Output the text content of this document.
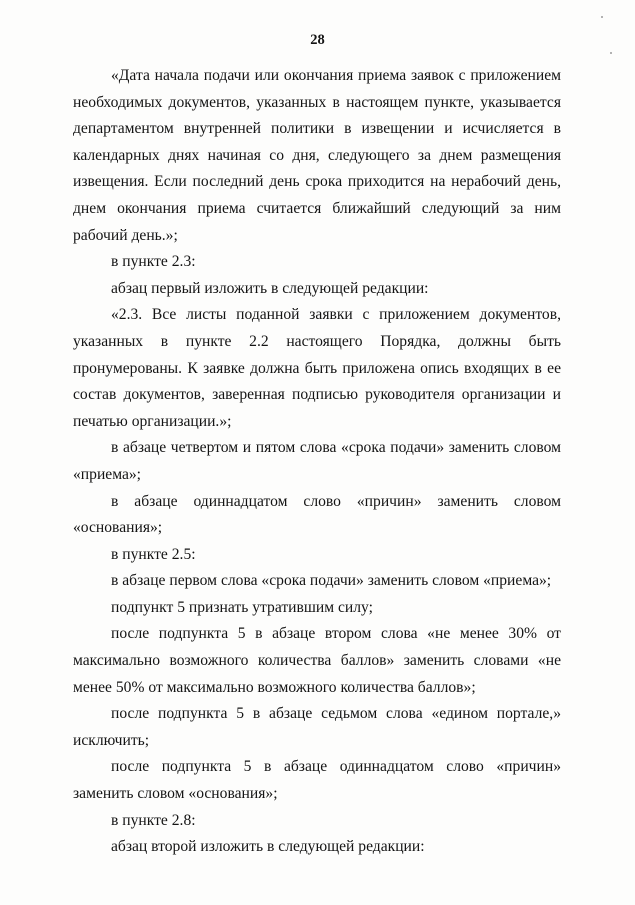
28

«Дата начала подачи или окончания приема заявок с приложением необходимых документов, указанных в настоящем пункте, указывается департаментом внутренней политики в извещении и исчисляется в календарных днях начиная со дня, следующего за днем размещения извещения. Если последний день срока приходится на нерабочий день, днем окончания приема считается ближайший следующий за ним рабочий день.»;

в пункте 2.3:

абзац первый изложить в следующей редакции:

«2.3. Все листы поданной заявки с приложением документов, указанных в пункте 2.2 настоящего Порядка, должны быть пронумерованы. К заявке должна быть приложена опись входящих в ее состав документов, заверенная подписью руководителя организации и печатью организации.»;

в абзаце четвертом и пятом слова «срока подачи» заменить словом «приема»;

в абзаце одиннадцатом слово «причин» заменить словом «основания»;

в пункте 2.5:

в абзаце первом слова «срока подачи» заменить словом «приема»;

подпункт 5 признать утратившим силу;

после подпункта 5 в абзаце втором слова «не менее 30% от максимально возможного количества баллов» заменить словами «не менее 50% от максимально возможного количества баллов»;

после подпункта 5 в абзаце седьмом слова «едином портале,» исключить;

после подпункта 5 в абзаце одиннадцатом слово «причин» заменить словом «основания»;

в пункте 2.8:

абзац второй изложить в следующей редакции:
